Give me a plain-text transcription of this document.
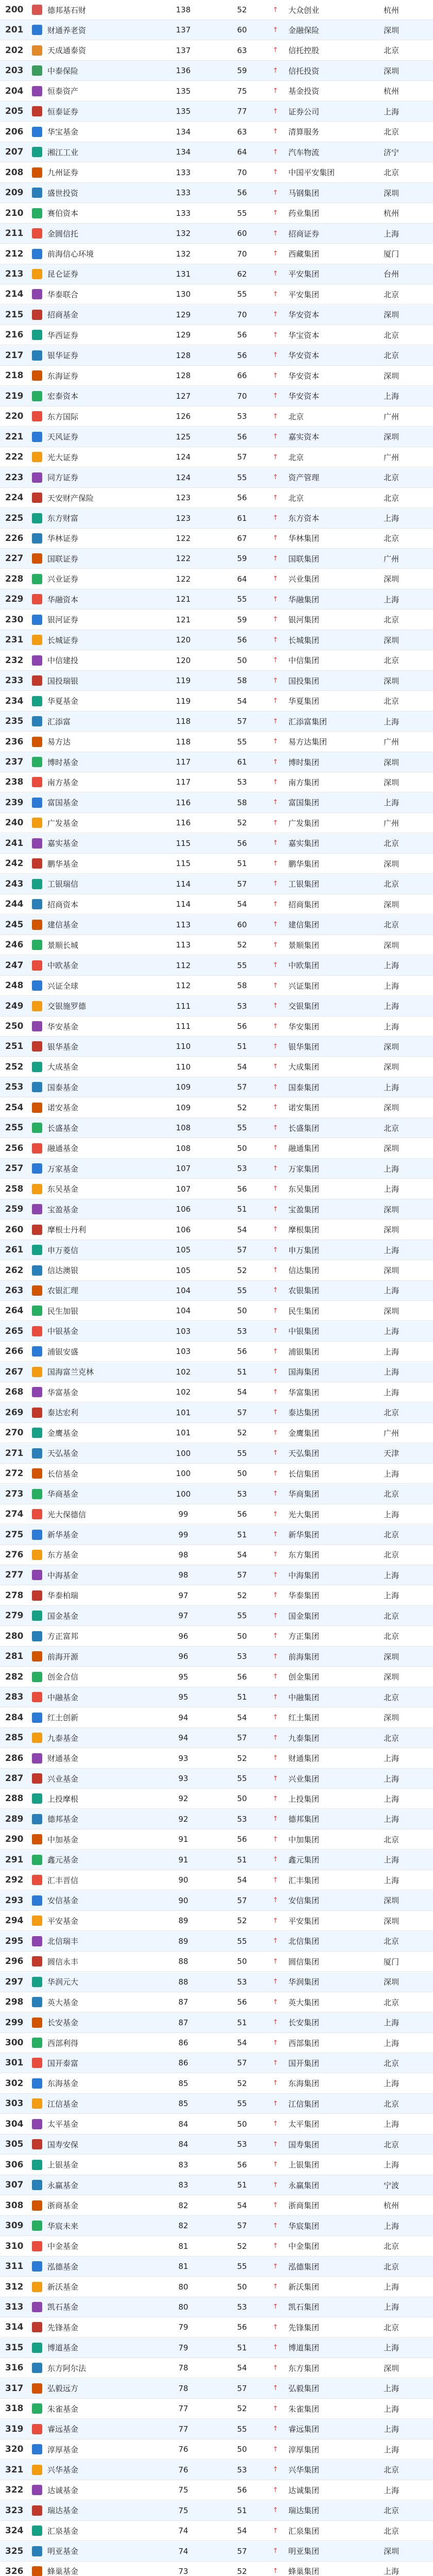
200	德邦基石财	138	52	↑	大众创业	杭州
201	财通养老资	137	60	↑	金融保险	深圳
202	天成通泰资	137	63	↑	信托控股	北京
203	中泰保险	136	59	↑	信托投资	深圳
204	恒泰资产	135	75	↑	基金投资	杭州
205	恒泰证券	135	77	↑	证券公司	上海
206	华宝基金	134	63	↑	清算服务	北京
207	湘江工业	134	64	↑	汽车物流	济宁
208	九州证券	133	70	↑	中国平安集团	北京
209	盛世投资	133	56	↑	马钢集团	深圳
210	赛伯资本	133	55	↑	药业集团	杭州
211	金圆信托	132	60	↑	招商证券	上海
212	前海信心环境	132	70	↑	西藏集团	厦门
213	昆仑证券	131	62	↑	平安集团	台州
214	华泰联合	130	55	↑	平安集团	北京
215	招商基金	129	70	↑	华安资本	深圳
216	华西证券	129	56	↑	华宝资本	北京
217	银华证券	128	56	↑	华安资本	北京
218	东海证券	128	66	↑	华安资本	深圳
219	宏泰资本	127	70	↑	华安资本	上海
220	东方国际	126	53	↑	北京	广州
221	天风证券	125	56	↑	嘉实资本	深圳
222	光大证券	124	57	↑	北京	广州
223	同方证券	124	55	↑	资产管理	北京
224	天安财产保险	123	56	↑	北京	北京
225	东方财富	123	61	↑	东方资本	上海
226	华林证券	122	67	↑	华林集团	北京
227	国联证券	122	59	↑	国联集团	广州
228	兴业证券	122	64	↑	兴业集团	深圳
229	华融资本	121	55	↑	华融集团	上海
230	银河证券	121	59	↑	银河集团	北京
231	长城证券	120	56	↑	长城集团	深圳
232	中信建投	120	50	↑	中信集团	北京
233	国投瑞银	119	58	↑	国投集团	深圳
234	华夏基金	119	54	↑	华夏集团	北京
235	汇添富	118	57	↑	汇添富集团	上海
236	易方达	118	55	↑	易方达集团	广州
237	博时基金	117	61	↑	博时集团	深圳
238	南方基金	117	53	↑	南方集团	深圳
239	富国基金	116	58	↑	富国集团	上海
240	广发基金	116	52	↑	广发集团	广州
241	嘉实基金	115	56	↑	嘉实集团	北京
242	鹏华基金	115	51	↑	鹏华集团	深圳
243	工银瑞信	114	57	↑	工银集团	北京
244	招商资本	114	54	↑	招商集团	深圳
245	建信基金	113	60	↑	建信集团	北京
246	景顺长城	113	52	↑	景顺集团	深圳
247	中欧基金	112	55	↑	中欧集团	上海
248	兴证全球	112	58	↑	兴证集团	上海
249	交银施罗德	111	53	↑	交银集团	上海
250	华安基金	111	56	↑	华安集团	上海
251	银华基金	110	51	↑	银华集团	深圳
252	大成基金	110	54	↑	大成集团	深圳
253	国泰基金	109	57	↑	国泰集团	上海
254	诺安基金	109	52	↑	诺安集团	深圳
255	长盛基金	108	55	↑	长盛集团	北京
256	融通基金	108	50	↑	融通集团	深圳
257	万家基金	107	53	↑	万家集团	上海
258	东吴基金	107	56	↑	东吴集团	上海
259	宝盈基金	106	51	↑	宝盈集团	深圳
260	摩根士丹利	106	54	↑	摩根集团	深圳
261	申万菱信	105	57	↑	申万集团	上海
262	信达澳银	105	52	↑	信达集团	深圳
263	农银汇理	104	55	↑	农银集团	上海
264	民生加银	104	50	↑	民生集团	深圳
265	中银基金	103	53	↑	中银集团	上海
266	浦银安盛	103	56	↑	浦银集团	上海
267	国海富兰克林	102	51	↑	国海集团	上海
268	华富基金	102	54	↑	华富集团	上海
269	泰达宏利	101	57	↑	泰达集团	北京
270	金鹰基金	101	52	↑	金鹰集团	广州
271	天弘基金	100	55	↑	天弘集团	天津
272	长信基金	100	50	↑	长信集团	上海
273	华商基金	100	53	↑	华商集团	北京
274	光大保德信	99	56	↑	光大集团	上海
275	新华基金	99	51	↑	新华集团	北京
276	东方基金	98	54	↑	东方集团	北京
277	中海基金	98	57	↑	中海集团	上海
278	华泰柏瑞	97	52	↑	华泰集团	上海
279	国金基金	97	55	↑	国金集团	北京
280	方正富邦	96	50	↑	方正集团	北京
281	前海开源	96	53	↑	前海集团	深圳
282	创金合信	95	56	↑	创金集团	深圳
283	中融基金	95	51	↑	中融集团	北京
284	红土创新	94	54	↑	红土集团	深圳
285	九泰基金	94	57	↑	九泰集团	北京
286	财通基金	93	52	↑	财通集团	上海
287	兴业基金	93	55	↑	兴业集团	上海
288	上投摩根	92	50	↑	上投集团	上海
289	德邦基金	92	53	↑	德邦集团	上海
290	中加基金	91	56	↑	中加集团	北京
291	鑫元基金	91	51	↑	鑫元集团	上海
292	汇丰晋信	90	54	↑	汇丰集团	上海
293	安信基金	90	57	↑	安信集团	深圳
294	平安基金	89	52	↑	平安集团	深圳
295	北信瑞丰	89	55	↑	北信集团	北京
296	圆信永丰	88	50	↑	圆信集团	厦门
297	华润元大	88	53	↑	华润集团	深圳
298	英大基金	87	56	↑	英大集团	北京
299	长安基金	87	51	↑	长安集团	上海
300	西部利得	86	54	↑	西部集团	上海
301	国开泰富	86	57	↑	国开集团	北京
302	东海基金	85	52	↑	东海集团	上海
303	江信基金	85	55	↑	江信集团	北京
304	太平基金	84	50	↑	太平集团	上海
305	国寿安保	84	53	↑	国寿集团	北京
306	上银基金	83	56	↑	上银集团	上海
307	永赢基金	83	51	↑	永赢集团	宁波
308	浙商基金	82	54	↑	浙商集团	杭州
309	华宸未来	82	57	↑	华宸集团	上海
310	中金基金	81	52	↑	中金集团	北京
311	泓德基金	81	55	↑	泓德集团	北京
312	新沃基金	80	50	↑	新沃集团	上海
313	凯石基金	80	53	↑	凯石集团	上海
314	先锋基金	79	56	↑	先锋集团	北京
315	博道基金	79	51	↑	博道集团	上海
316	东方阿尔法	78	54	↑	东方集团	深圳
317	弘毅远方	78	57	↑	弘毅集团	上海
318	朱雀基金	77	52	↑	朱雀集团	上海
319	睿远基金	77	55	↑	睿远集团	上海
320	淳厚基金	76	50	↑	淳厚集团	上海
321	兴华基金	76	53	↑	兴华集团	北京
322	达诚基金	75	56	↑	达诚集团	上海
323	瑞达基金	75	51	↑	瑞达集团	北京
324	汇泉基金	74	54	↑	汇泉集团	北京
325	明亚基金	74	57	↑	明亚集团	深圳
326	蜂巢基金	73	52	↑	蜂巢集团	上海
